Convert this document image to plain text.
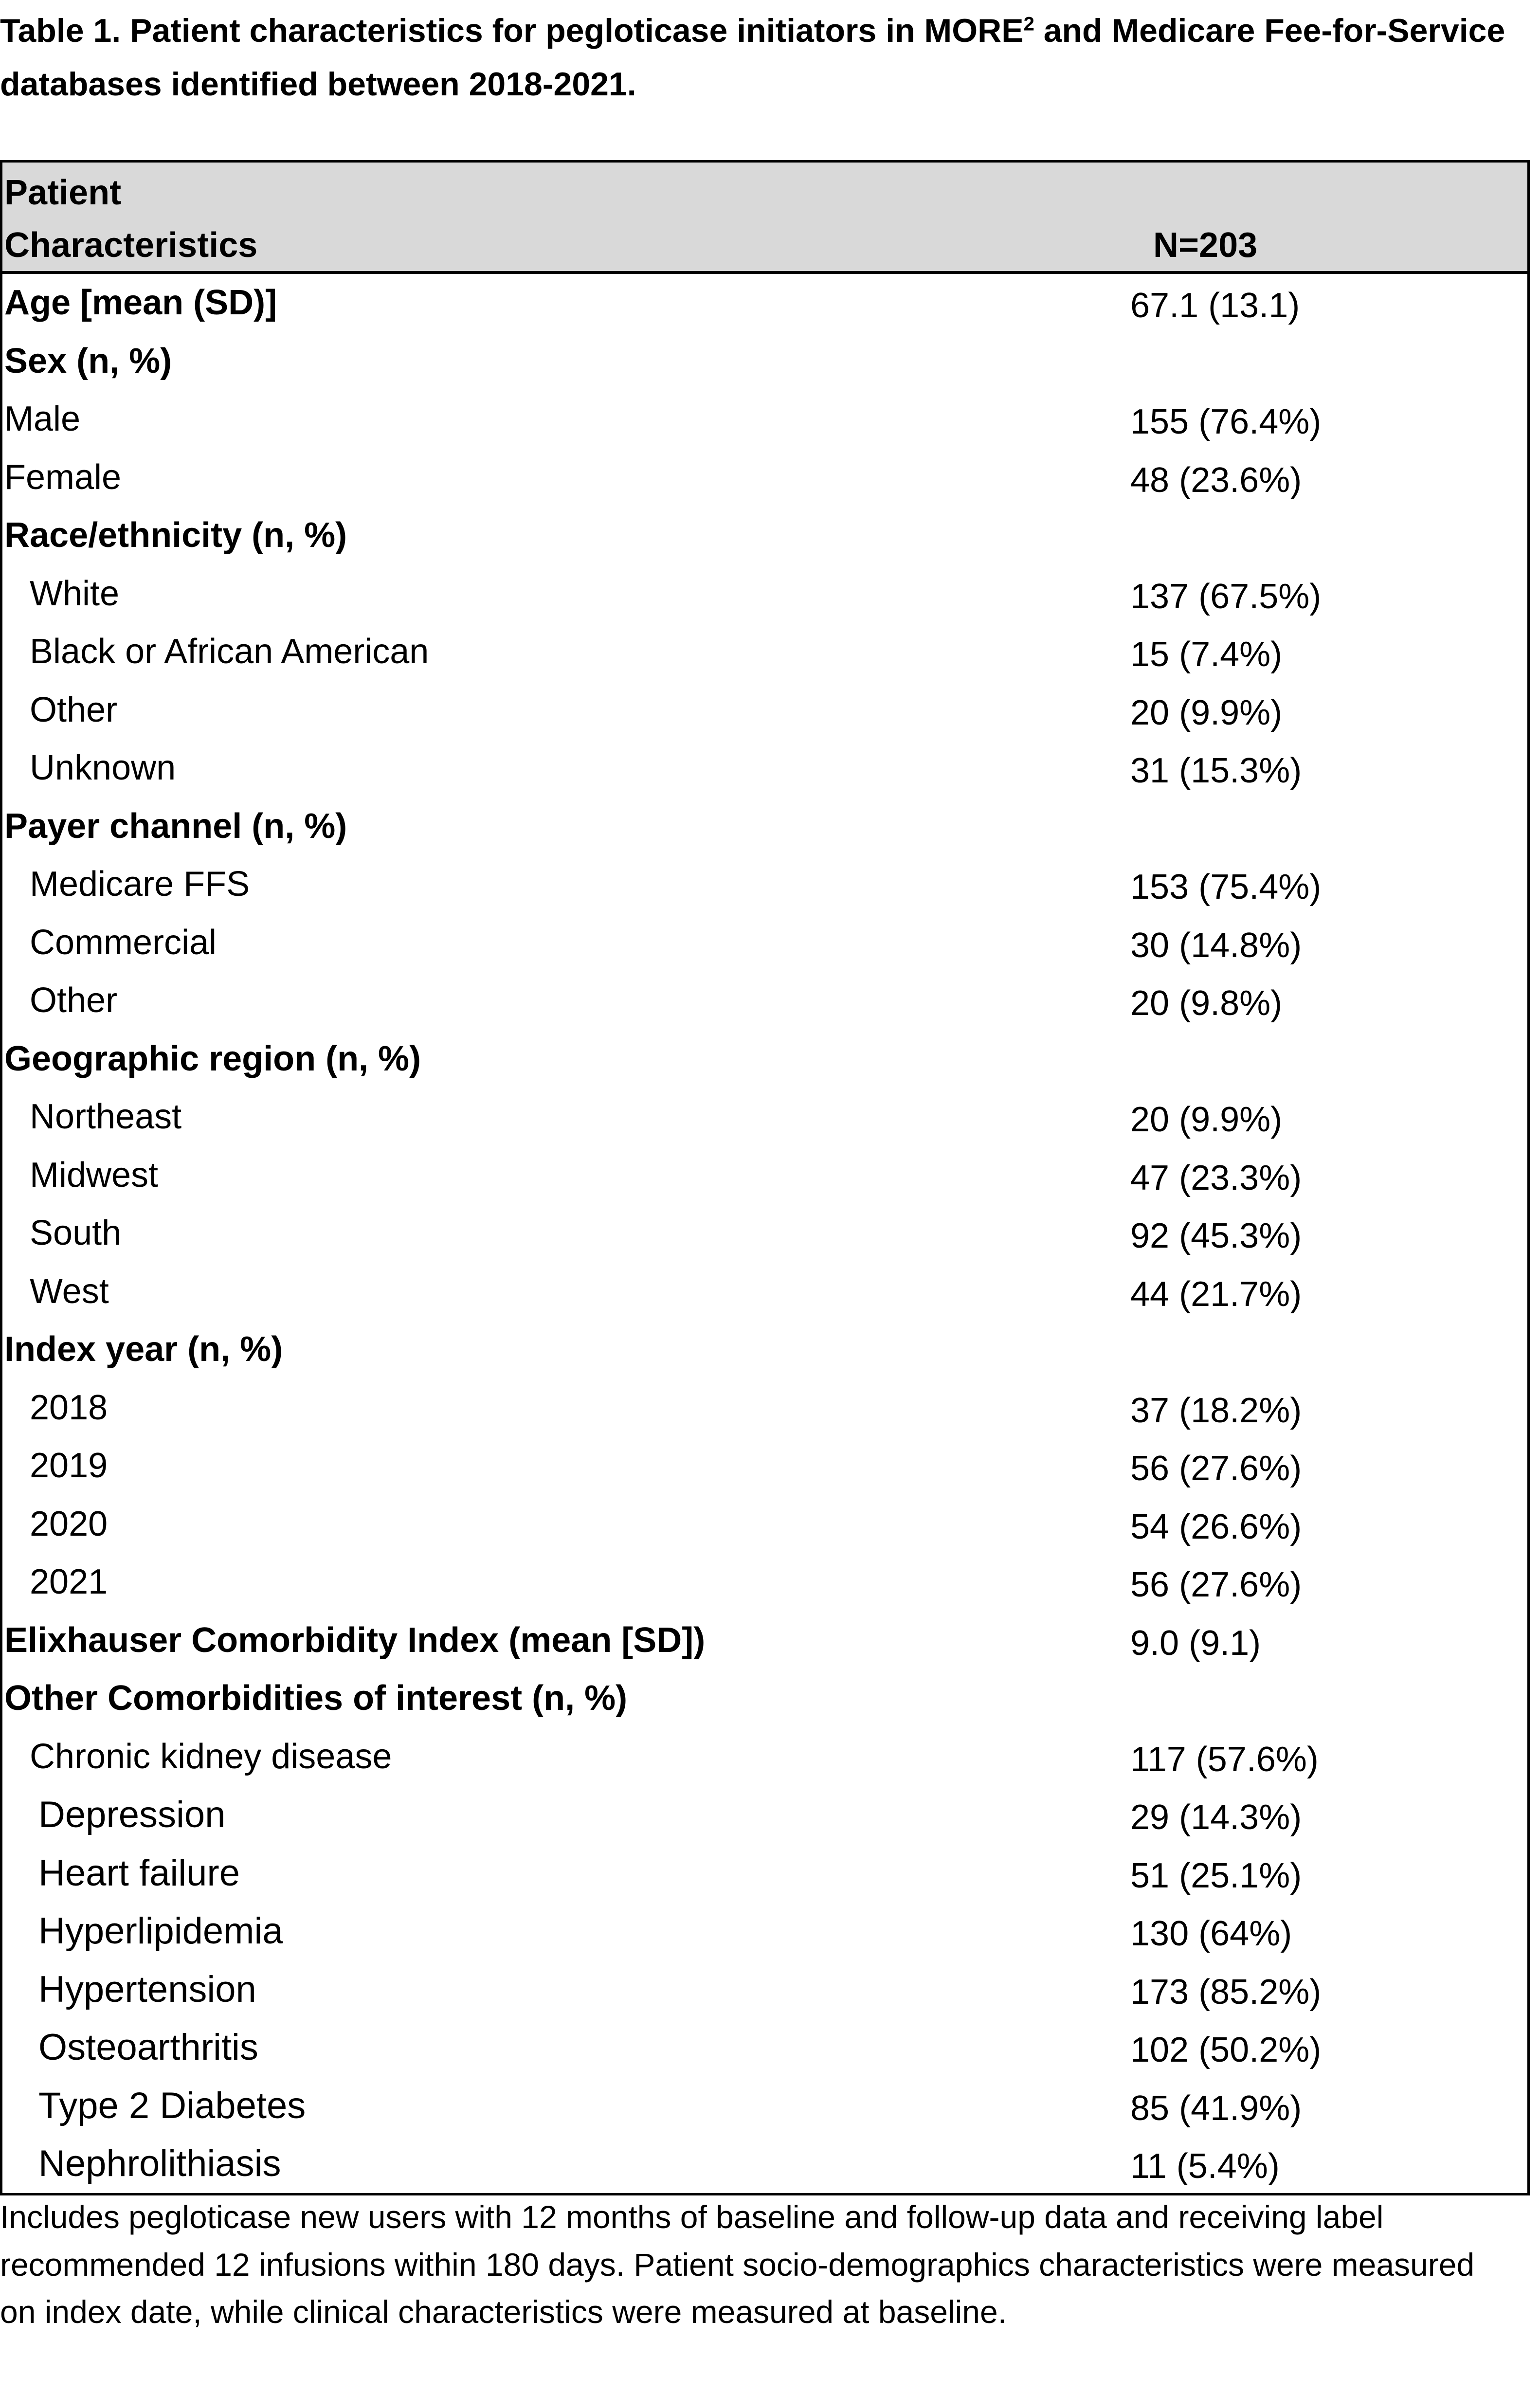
Table 1. Patient characteristics for pegloticase initiators in MORE$^2$ and Medicare Fee-for-Service databases identified between 2018-2021.
Patient Characteristics	N=203
Age [mean (SD)]	67.1 (13.1)
Sex (n, %)
Male	155 (76.4%)
Female	48 (23.6%)
Race/ethnicity (n, %)
White	137 (67.5%)
Black or African American	15 (7.4%)
Other	20 (9.9%)
Unknown	31 (15.3%)
Payer channel (n, %)
Medicare FFS	153 (75.4%)
Commercial	30 (14.8%)
Other	20 (9.8%)
Geographic region (n, %)
Northeast	20 (9.9%)
Midwest	47 (23.3%)
South	92 (45.3%)
West	44 (21.7%)
Index year (n, %)
2018	37 (18.2%)
2019	56 (27.6%)
2020	54 (26.6%)
2021	56 (27.6%)
Elixhauser Comorbidity Index (mean [SD])	9.0 (9.1)
Other Comorbidities of interest (n, %)
Chronic kidney disease	117 (57.6%)
Depression	29 (14.3%)
Heart failure	51 (25.1%)
Hyperlipidemia	130 (64%)
Hypertension	173 (85.2%)
Osteoarthritis	102 (50.2%)
Type 2 Diabetes	85 (41.9%)
Nephrolithiasis	11 (5.4%)
Includes pegloticase new users with 12 months of baseline and follow-up data and receiving label recommended 12 infusions within 180 days. Patient socio-demographics characteristics were measured on index date, while clinical characteristics were measured at baseline.
